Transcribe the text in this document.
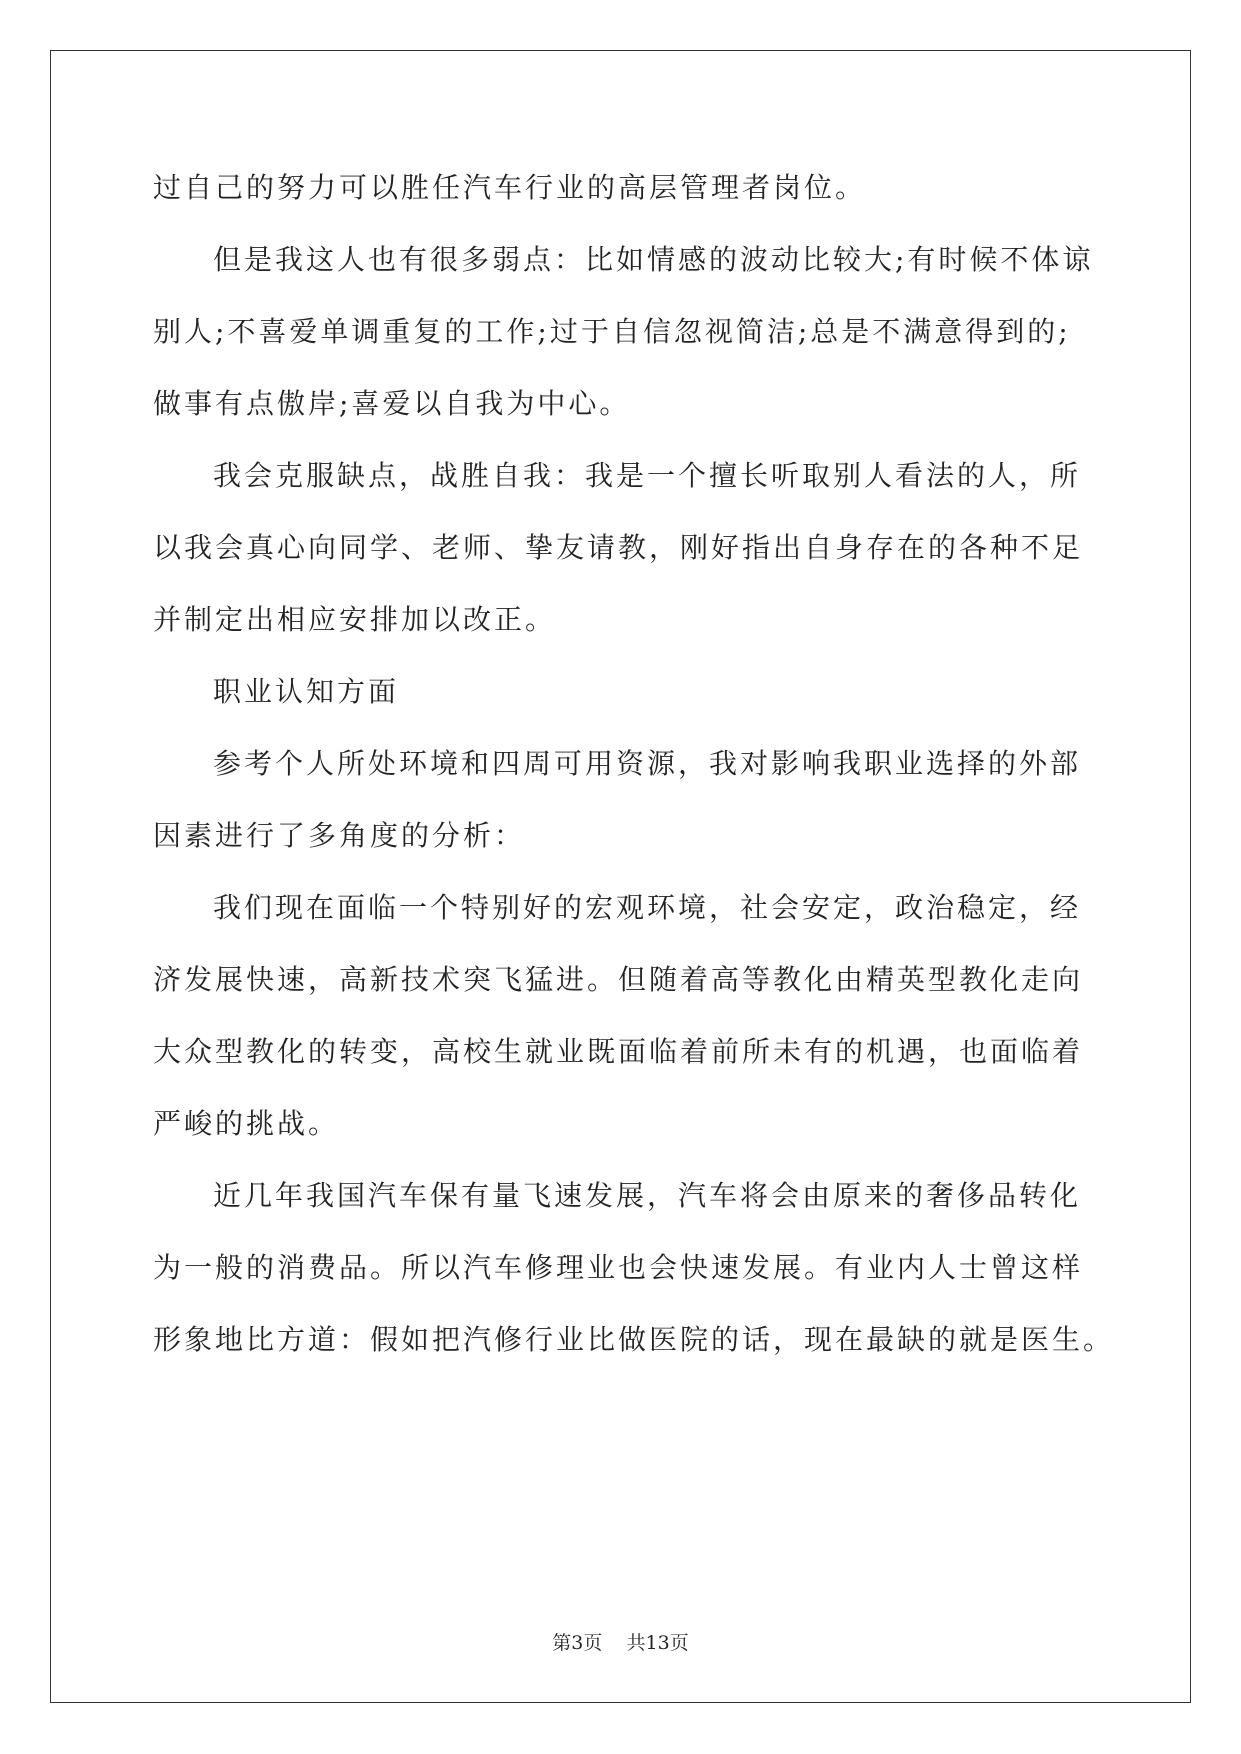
过自己的努力可以胜任汽车行业的高层管理者岗位。
但是我这人也有很多弱点：比如情感的波动比较大;有时候不体谅
别人;不喜爱单调重复的工作;过于自信忽视简洁;总是不满意得到的;
做事有点傲岸;喜爱以自我为中心。
我会克服缺点，战胜自我：我是一个擅长听取别人看法的人，所
以我会真心向同学、老师、挚友请教，刚好指出自身存在的各种不足
并制定出相应安排加以改正。
职业认知方面
参考个人所处环境和四周可用资源，我对影响我职业选择的外部
因素进行了多角度的分析：
我们现在面临一个特别好的宏观环境，社会安定，政治稳定，经
济发展快速，高新技术突飞猛进。但随着高等教化由精英型教化走向
大众型教化的转变，高校生就业既面临着前所未有的机遇，也面临着
严峻的挑战。
近几年我国汽车保有量飞速发展，汽车将会由原来的奢侈品转化
为一般的消费品。所以汽车修理业也会快速发展。有业内人士曾这样
形象地比方道：假如把汽修行业比做医院的话，现在最缺的就是医生。
第3页 共13页
